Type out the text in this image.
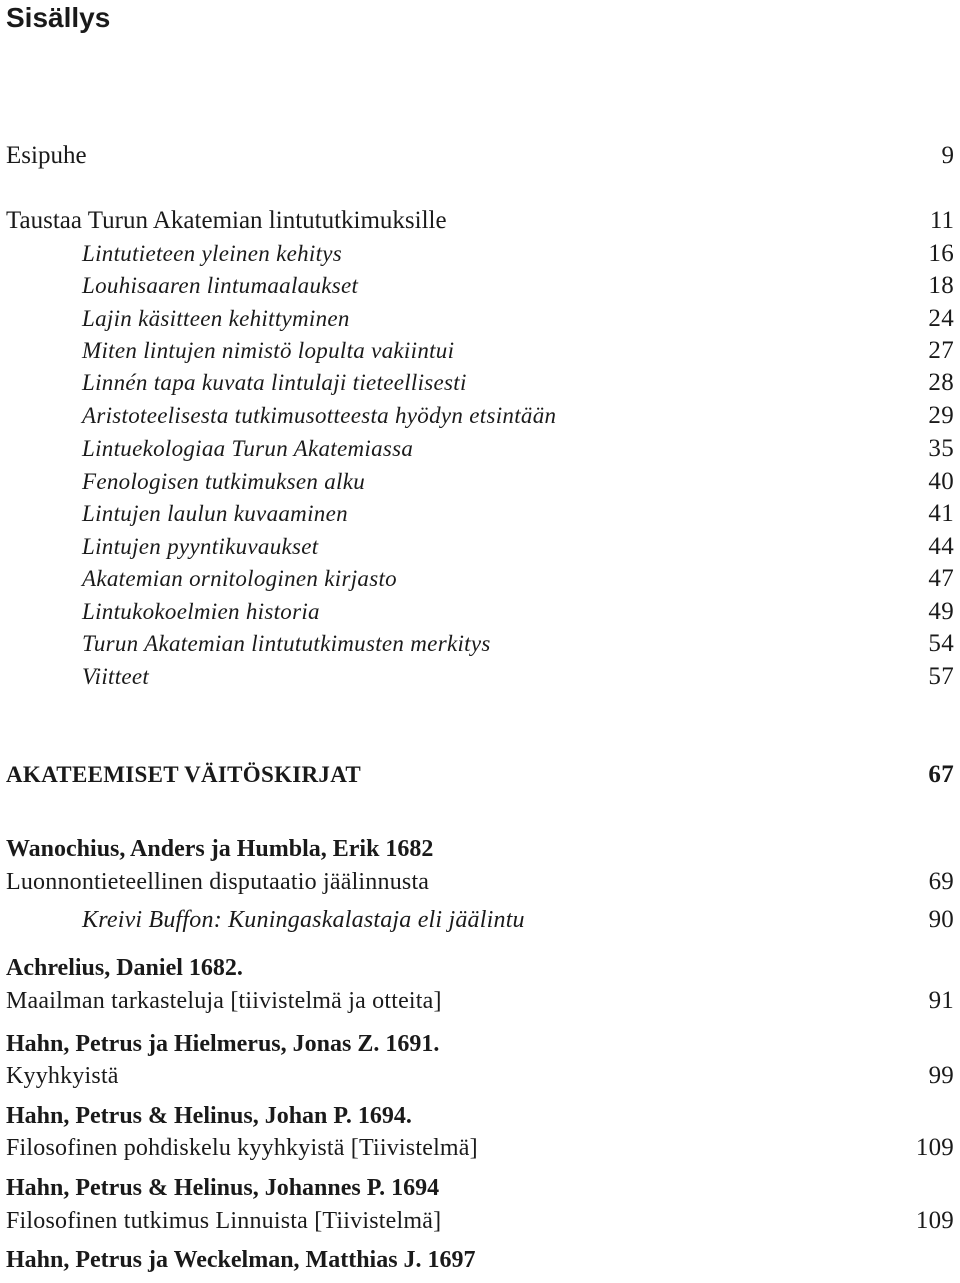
Sisällys
Esipuhe	9
Taustaa Turun Akatemian lintututkimuksille	11
Lintutieteen yleinen kehitys	16
Louhisaaren lintumaalaukset	18
Lajin käsitteen kehittyminen	24
Miten lintujen nimistö lopulta vakiintui	27
Linnén tapa kuvata lintulaji tieteellisesti	28
Aristoteelisesta tutkimusotteesta hyödyn etsintään	29
Lintuekologiaa Turun Akatemiassa	35
Fenologisen tutkimuksen alku	40
Lintujen laulun kuvaaminen	41
Lintujen pyyntikuvaukset	44
Akatemian ornitologinen kirjasto	47
Lintukokoelmien historia	49
Turun Akatemian lintututkimusten merkitys	54
Viitteet	57
AKATEEMISET VÄITÖSKIRJAT	67
Wanochius, Anders ja Humbla, Erik 1682
Luonnontieteellinen disputaatio jäälinnusta	69
Kreivi Buffon: Kuningaskalastaja eli jäälintu	90
Achrelius, Daniel 1682.
Maailman tarkasteluja [tiivistelmä ja otteita]	91
Hahn, Petrus ja Hielmerus, Jonas Z. 1691.
Kyyhkyistä	99
Hahn, Petrus & Helinus, Johan P. 1694.
Filosofinen pohdiskelu kyyhkyistä [Tiivistelmä]	109
Hahn, Petrus & Helinus, Johannes P. 1694
Filosofinen tutkimus Linnuista [Tiivistelmä]	109
Hahn, Petrus ja Weckelman, Matthias J. 1697
